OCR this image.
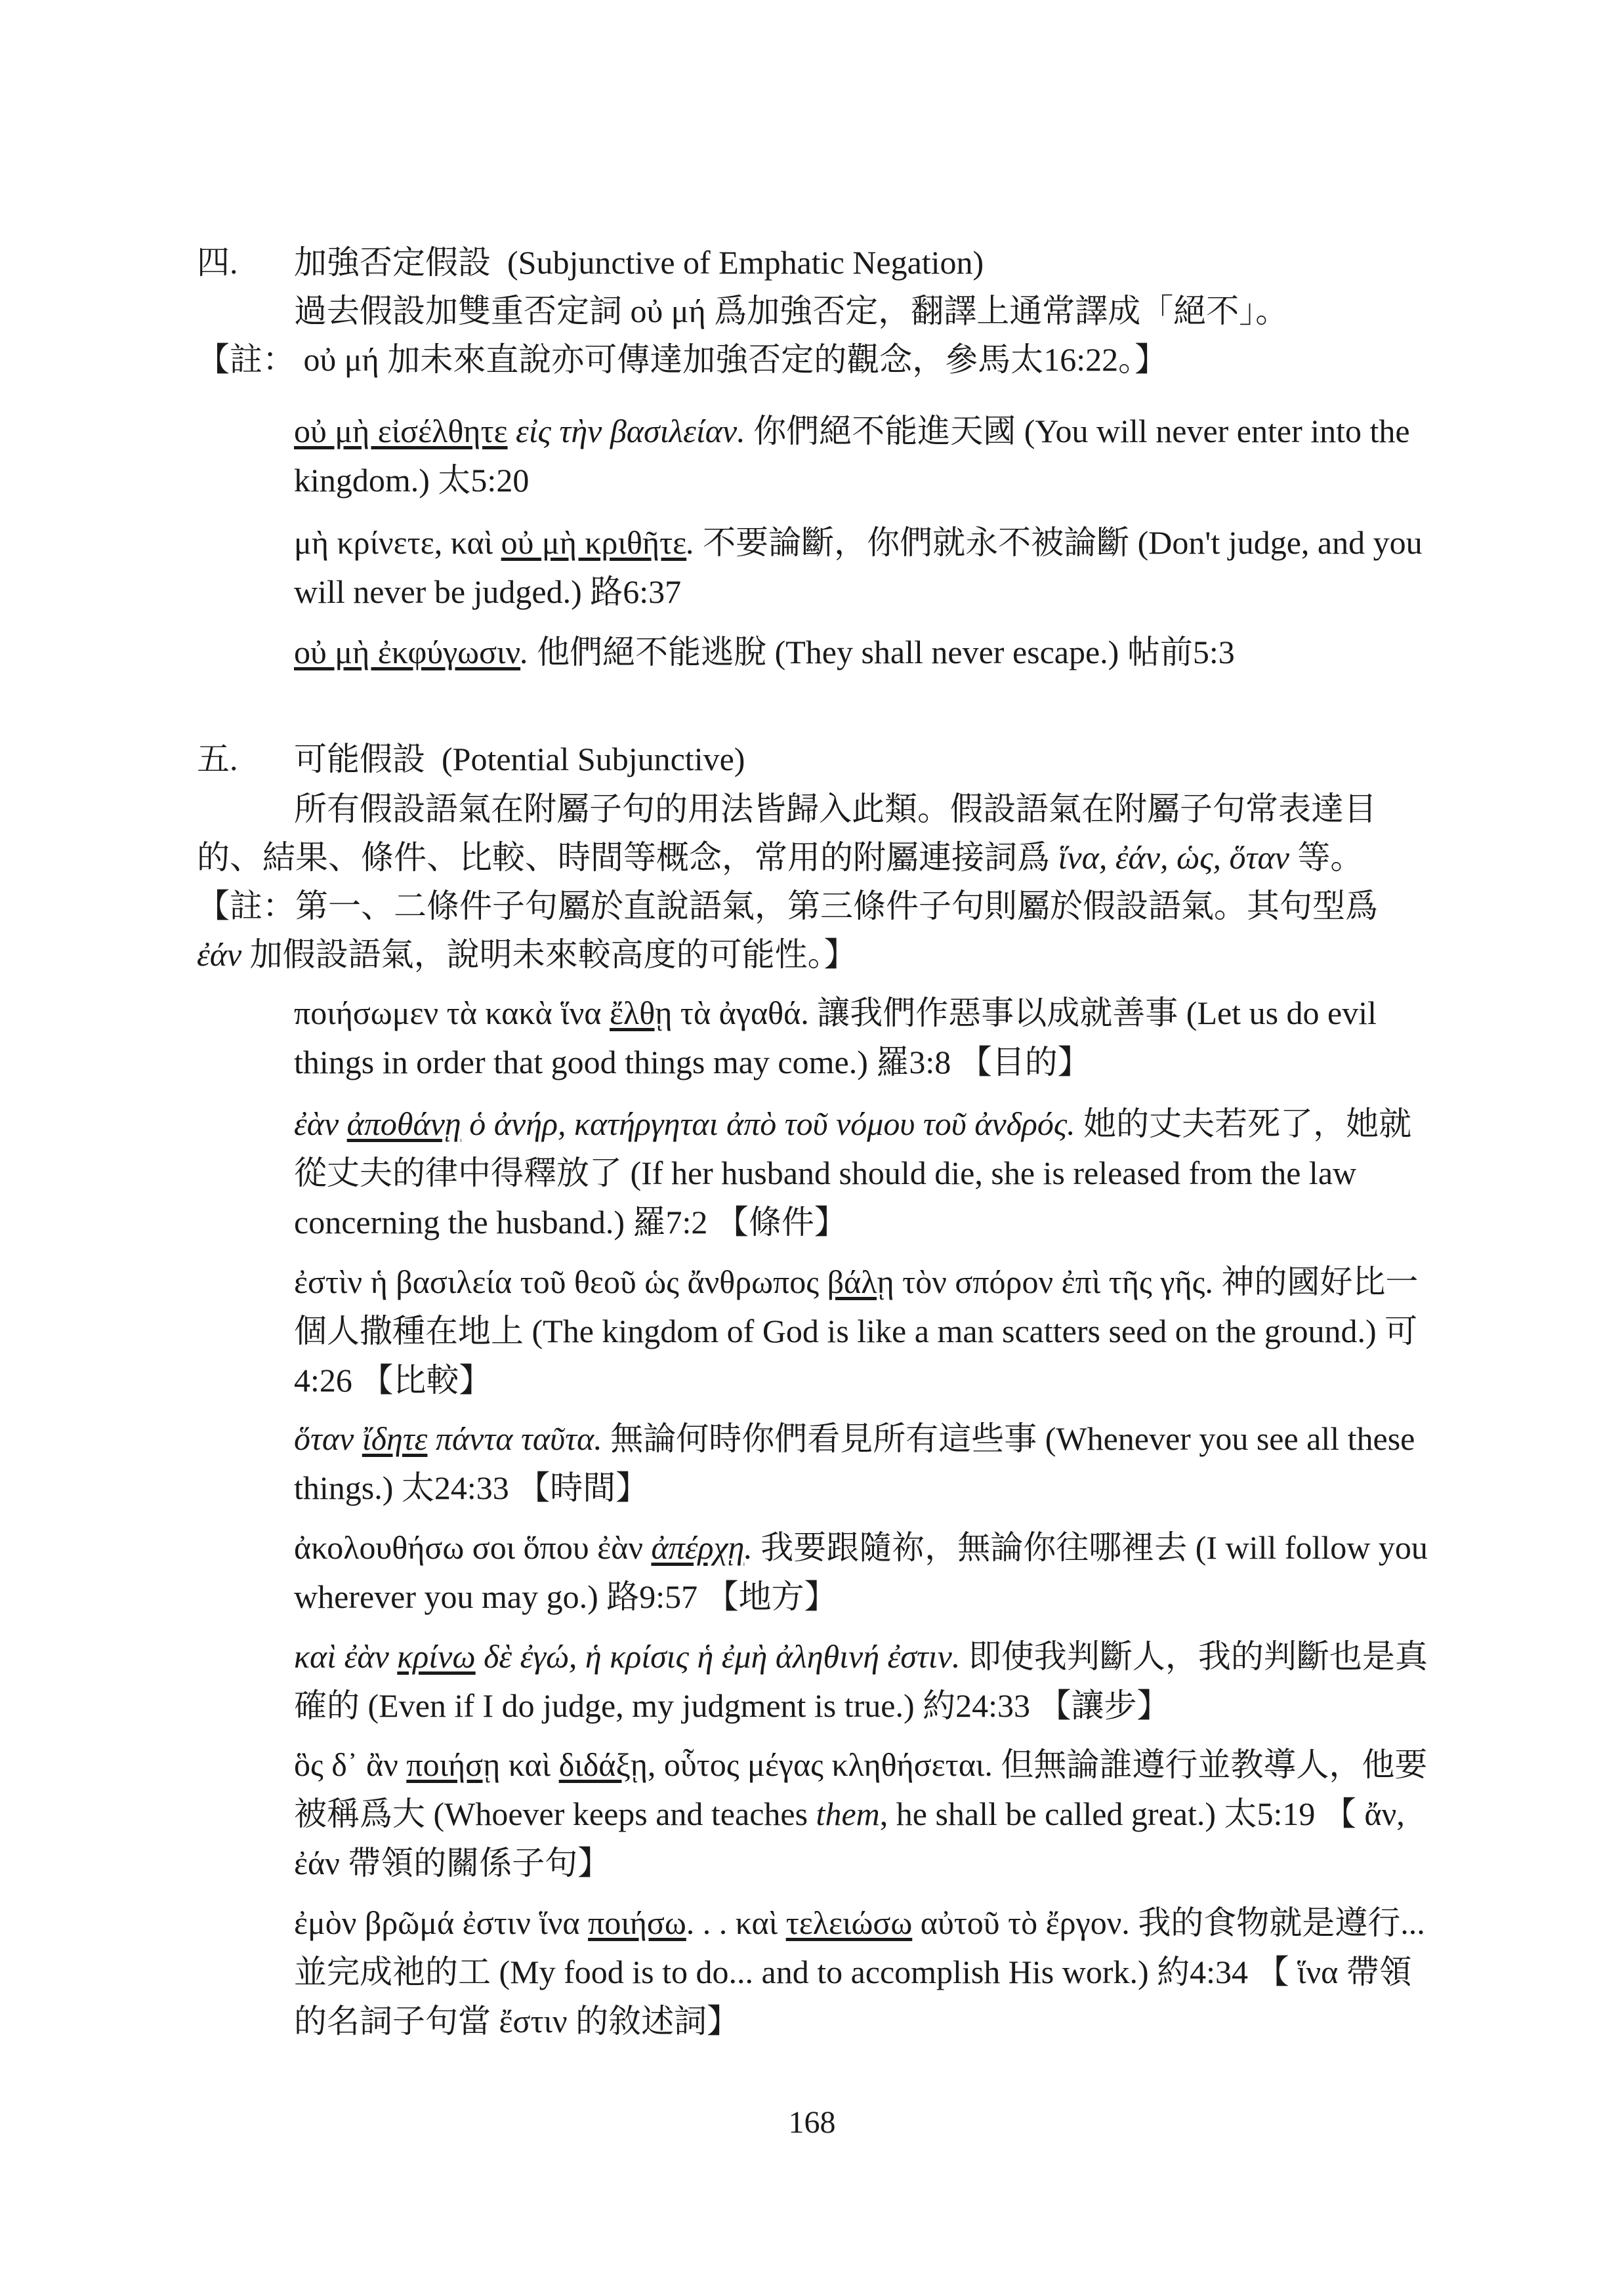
四. 加強否定假設 (Subjunctive of Emphatic Negation)
過去假設加雙重否定詞 οὐ μή 爲加強否定，翻譯上通常譯成「絕不」。
【註： οὐ μή 加未來直說亦可傳達加強否定的觀念，參馬太16:22。】
οὐ μὴ εἰσέλθητε εἰς τὴν βασιλείαν. 你們絕不能進天國 (You will never enter into the kingdom.) 太5:20
μὴ κρίνετε, καὶ οὐ μὴ κριθῆτε. 不要論斷，你們就永不被論斷 (Don't judge, and you will never be judged.) 路6:37
οὐ μὴ ἐκφύγωσιν. 他們絕不能逃脫 (They shall never escape.) 帖前5:3
五. 可能假設 (Potential Subjunctive)
所有假設語氣在附屬子句的用法皆歸入此類。假設語氣在附屬子句常表達目的、結果、條件、比較、時間等概念，常用的附屬連接詞爲 ἵνα, ἐάν, ὡς, ὅταν 等。【註：第一、二條件子句屬於直說語氣，第三條件子句則屬於假設語氣。其句型爲 ἐάν 加假設語氣，說明未來較高度的可能性。】
ποιήσωμεν τὰ κακὰ ἵνα ἔλθῃ τὰ ἀγαθά. 讓我們作惡事以成就善事 (Let us do evil things in order that good things may come.) 羅3:8 【目的】
ἐὰν ἀποθάνῃ ὁ ἀνήρ, κατήργηται ἀπὸ τοῦ νόμου τοῦ ἀνδρός. 她的丈夫若死了，她就從丈夫的律中得釋放了 (If her husband should die, she is released from the law concerning the husband.) 羅7:2 【條件】
ἐστὶν ἡ βασιλεία τοῦ θεοῦ ὡς ἄνθρωπος βάλῃ τὸν σπόρον ἐπὶ τῆς γῆς. 神的國好比一個人撒種在地上 (The kingdom of God is like a man scatters seed on the ground.) 可4:26 【比較】
ὅταν ἴδητε πάντα ταῦτα. 無論何時你們看見所有這些事 (Whenever you see all these things.) 太24:33 【時間】
ἀκολουθήσω σοι ὅπου ἐὰν ἀπέρχῃ. 我要跟隨祢，無論你往哪裡去 (I will follow you wherever you may go.) 路9:57 【地方】
καὶ ἐὰν κρίνω δὲ ἐγώ, ἡ κρίσις ἡ ἐμὴ ἀληθινή ἐστιν. 即使我判斷人，我的判斷也是真確的 (Even if I do judge, my judgment is true.) 約24:33 【讓步】
ὃς δ᾽ ἂν ποιήσῃ καὶ διδάξῃ, οὗτος μέγας κληθήσεται. 但無論誰遵行並教導人，他要被稱爲大 (Whoever keeps and teaches them, he shall be called great.) 太5:19 【 ἄν, ἐάν 帶領的關係子句】
ἐμὸν βρῶμά ἐστιν ἵνα ποιήσω. . . καὶ τελειώσω αὐτοῦ τὸ ἔργον. 我的食物就是遵行...並完成祂的工 (My food is to do... and to accomplish His work.) 約4:34 【 ἵνα 帶領的名詞子句當 ἔστιν 的敘述詞】
168
